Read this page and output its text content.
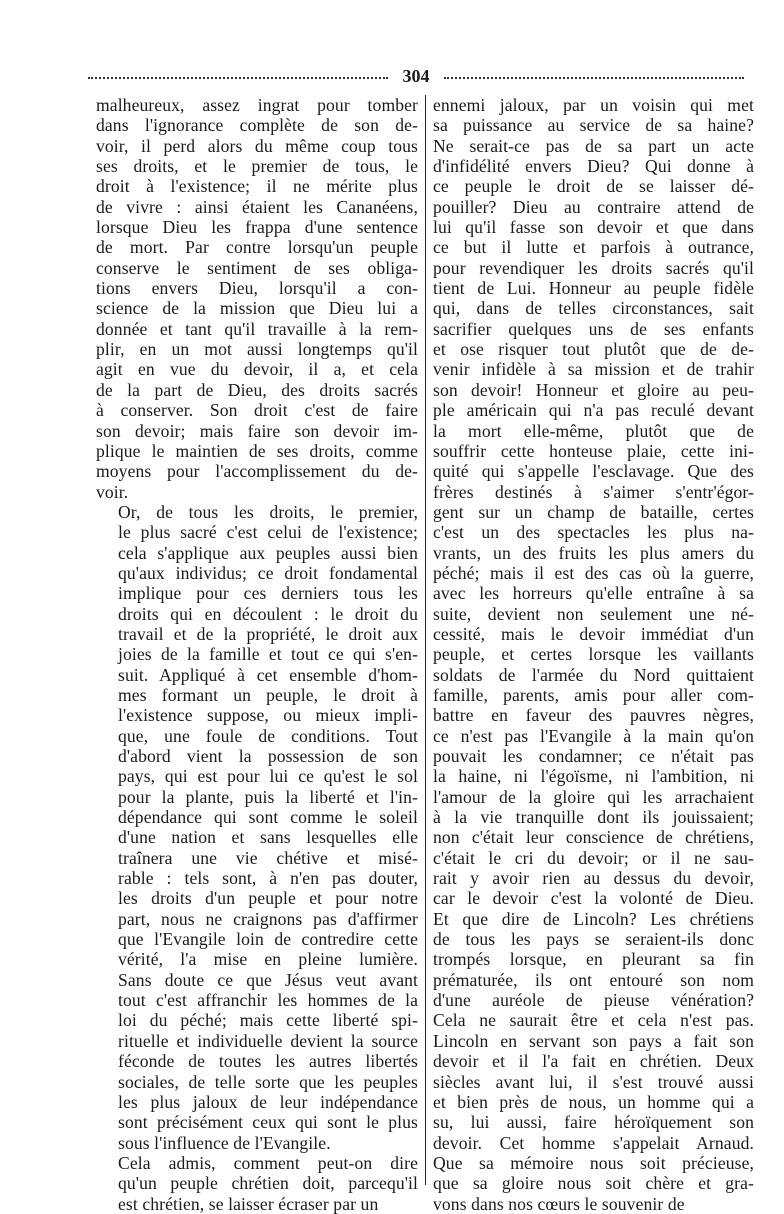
304

malheureux, assez ingrat pour tomber
dans l'ignorance complète de son de-
voir, il perd alors du même coup tous
ses droits, et le premier de tous, le
droit à l'existence; il ne mérite plus
de vivre : ainsi étaient les Cananéens,
lorsque Dieu les frappa d'une sentence
de mort. Par contre lorsqu'un peuple
conserve le sentiment de ses obliga-
tions envers Dieu, lorsqu'il a con-
science de la mission que Dieu lui a
donnée et tant qu'il travaille à la rem-
plir, en un mot aussi longtemps qu'il
agit en vue du devoir, il a, et cela
de la part de Dieu, des droits sacrés
à conserver. Son droit c'est de faire
son devoir; mais faire son devoir im-
plique le maintien de ses droits, comme
moyens pour l'accomplissement du de-
voir.

Or, de tous les droits, le premier,
le plus sacré c'est celui de l'existence;
cela s'applique aux peuples aussi bien
qu'aux individus; ce droit fondamental
implique pour ces derniers tous les
droits qui en découlent : le droit du
travail et de la propriété, le droit aux
joies de la famille et tout ce qui s'en-
suit. Appliqué à cet ensemble d'hom-
mes formant un peuple, le droit à
l'existence suppose, ou mieux impli-
que, une foule de conditions. Tout
d'abord vient la possession de son
pays, qui est pour lui ce qu'est le sol
pour la plante, puis la liberté et l'in-
dépendance qui sont comme le soleil
d'une nation et sans lesquelles elle
traînera une vie chétive et misé-
rable : tels sont, à n'en pas douter,
les droits d'un peuple et pour notre
part, nous ne craignons pas d'affirmer
que l'Evangile loin de contredire cette
vérité, l'a mise en pleine lumière.
Sans doute ce que Jésus veut avant
tout c'est affranchir les hommes de la
loi du péché; mais cette liberté spi-
rituelle et individuelle devient la source
féconde de toutes les autres libertés
sociales, de telle sorte que les peuples
les plus jaloux de leur indépendance
sont précisément ceux qui sont le plus
sous l'influence de l'Evangile.

Cela admis, comment peut-on dire
qu'un peuple chrétien doit, parcequ'il
est chrétien, se laisser écraser par un

ennemi jaloux, par un voisin qui met
sa puissance au service de sa haine?
Ne serait-ce pas de sa part un acte
d'infidélité envers Dieu? Qui donne à
ce peuple le droit de se laisser dé-
pouiller? Dieu au contraire attend de
lui qu'il fasse son devoir et que dans
ce but il lutte et parfois à outrance,
pour revendiquer les droits sacrés qu'il
tient de Lui. Honneur au peuple fidèle
qui, dans de telles circonstances, sait
sacrifier quelques uns de ses enfants
et ose risquer tout plutôt que de de-
venir infidèle à sa mission et de trahir
son devoir! Honneur et gloire au peu-
ple américain qui n'a pas reculé devant
la mort elle-même, plutôt que de
souffrir cette honteuse plaie, cette ini-
quité qui s'appelle l'esclavage. Que des
frères destinés à s'aimer s'entr'égor-
gent sur un champ de bataille, certes
c'est un des spectacles les plus na-
vrants, un des fruits les plus amers du
péché; mais il est des cas où la guerre,
avec les horreurs qu'elle entraîne à sa
suite, devient non seulement une né-
cessité, mais le devoir immédiat d'un
peuple, et certes lorsque les vaillants
soldats de l'armée du Nord quittaient
famille, parents, amis pour aller com-
battre en faveur des pauvres nègres,
ce n'est pas l'Evangile à la main qu'on
pouvait les condamner; ce n'était pas
la haine, ni l'égoïsme, ni l'ambition, ni
l'amour de la gloire qui les arrachaient
à la vie tranquille dont ils jouissaient;
non c'était leur conscience de chrétiens,
c'était le cri du devoir; or il ne sau-
rait y avoir rien au dessus du devoir,
car le devoir c'est la volonté de Dieu.
Et que dire de Lincoln? Les chrétiens
de tous les pays se seraient-ils donc
trompés lorsque, en pleurant sa fin
prématurée, ils ont entouré son nom
d'une auréole de pieuse vénération?
Cela ne saurait être et cela n'est pas.
Lincoln en servant son pays a fait son
devoir et il l'a fait en chrétien. Deux
siècles avant lui, il s'est trouvé aussi
et bien près de nous, un homme qui a
su, lui aussi, faire héroïquement son
devoir. Cet homme s'appelait Arnaud.
Que sa mémoire nous soit précieuse,
que sa gloire nous soit chère et gra-
vons dans nos cœurs le souvenir de
